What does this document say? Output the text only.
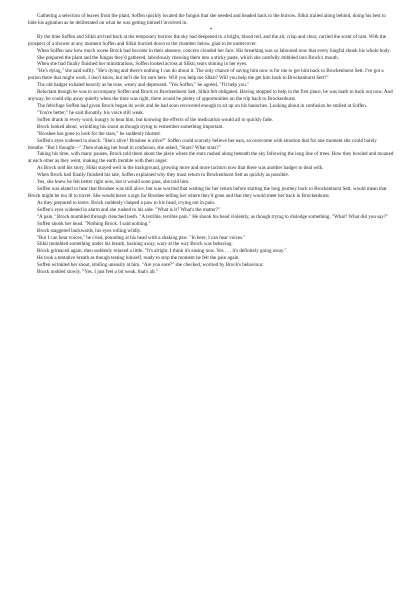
Gathering a selection of leaves from the plant, Soffen quickly located the fungus that she needed and headed back to the burrow. Slikit trailed along behind, doing his best to hide his agitation as he deliberated on what he was getting himself involved in.

*

By the time Soffen and Slikit arrived back at the temporary burrow the sky had deepened to a bright, blood red, and the air, crisp and clear, carried the scent of rain. With the prospect of a shower at any moment Soffen and Slikit hurried down to the chamber below, glad to be undercover.

When Soffen saw how much worse Brock had become in their absence, concern clouded her face. His breathing was so laboured now that every lungful shook his whole body.

She prepared the plant and the fungus they'd gathered, laboriously chewing them into a sticky paste, which she carefully dribbled into Brock's mouth.

When she had finally finished her ministrations, Soffen looked across at Slikit, tears shining in her eyes.

"He's dying," she said softly. "He's dying and there's nothing I can do about it. The only chance of saving him now is for me to get him back to Brockenhurst Sett. I've got a potion there that might work. I don't know, but he'll die for sure here. Will you help me Slikit? Will you help me get him back to Brockenhurst Sett?"

The old badger exhaled heavily as he rose, weary and depressed. "Yes Soffen," he agreed, "I'll help you."

Reluctant though he was to accompany Soffen and Brock to Brockenhurst Sett, Slikit felt obligated. Having stopped to help in the first place, he was loath to back out now. And anyway, he could slip away quietly when the time was right, there would be plenty of opportunities on the trip back to Brockenhurst.

The febrifuge Soffen had given Brock began its work and he had soon recovered enough to sit up on his haunches. Looking about in confusion he smiled at Soffen.

"You're better," he said throatily, his voice still weak.

Soffen drank in every word, hungry to hear him, but knowing the effects of the medication would all to quickly fade.

Brock looked about, wrinkling his snout as though trying to remember something important.

"Broshee has gone to look for the stars," he suddenly blurted.

Soffen's eyes widened in shock. "She's alive? Broshee is alive?" Soffen could scarcely believe her ears, so overcome with emotion that for one moment she could barely breathe. "But I thought—" Then shaking her head in confusion, she asked, "Stars? What stars?"

Taking his time, with many pauses, Brock told them about the place where the stars rushed along beneath the sky following the long line of trees. How they howled and moaned at each other as they went, making the earth tremble with their anger.

As Brock told his story, Slikit stayed well in the background, growing more and more taciturn now that there was another badger to deal with.

When Brock had finally finished his tale, Soffen explained why they must return to Brockenhurst Sett as quickly as possible.

Yes, she knew he felt better right now, but it would soon pass, she told him.

Soffen was elated to hear that Broshee was still alive, but was worried that waiting for her return before starting the long journey back to Brockenhurst Sett, would mean that Brock might be too ill to travel. She would leave a sign for Broshee telling her where they'd gone and that they would meet her back in Brockenhurst.

As they prepared to leave, Brock suddenly clasped a paw to his head, crying out in pain.

Soffen's eyes widened in alarm and she rushed to his side. "What is it? What's the matter?"

"A pain," Brock mumbled through clenched teeth. "A terrible, terrible pain." He shook his head violently, as though trying to dislodge something. "What? What did you say?"

Soffen shook her head. "Nothing Brock. I said nothing."

Brock staggered backwards, his eyes rolling wildly.

"But I can hear voices," he cried, pounding at his head with a shaking paw. "In here, I can hear voices."

Slikit mumbled something under his breath, backing away, wary at the way Brock was behaving.

Brock grimaced again, then suddenly relaxed a little. "It's alright. I think it's easing now. Yes . . . it's definitely going away."

He took a tentative breath as though testing himself, ready to stop the moment he felt the pain again.

Soffen wrinkled her snout, smiling uneasily at him. "Are you sure?" she checked, worried by Brock's behaviour.

Brock nodded slowly. "Yes. I just feel a bit weak, that's all."
